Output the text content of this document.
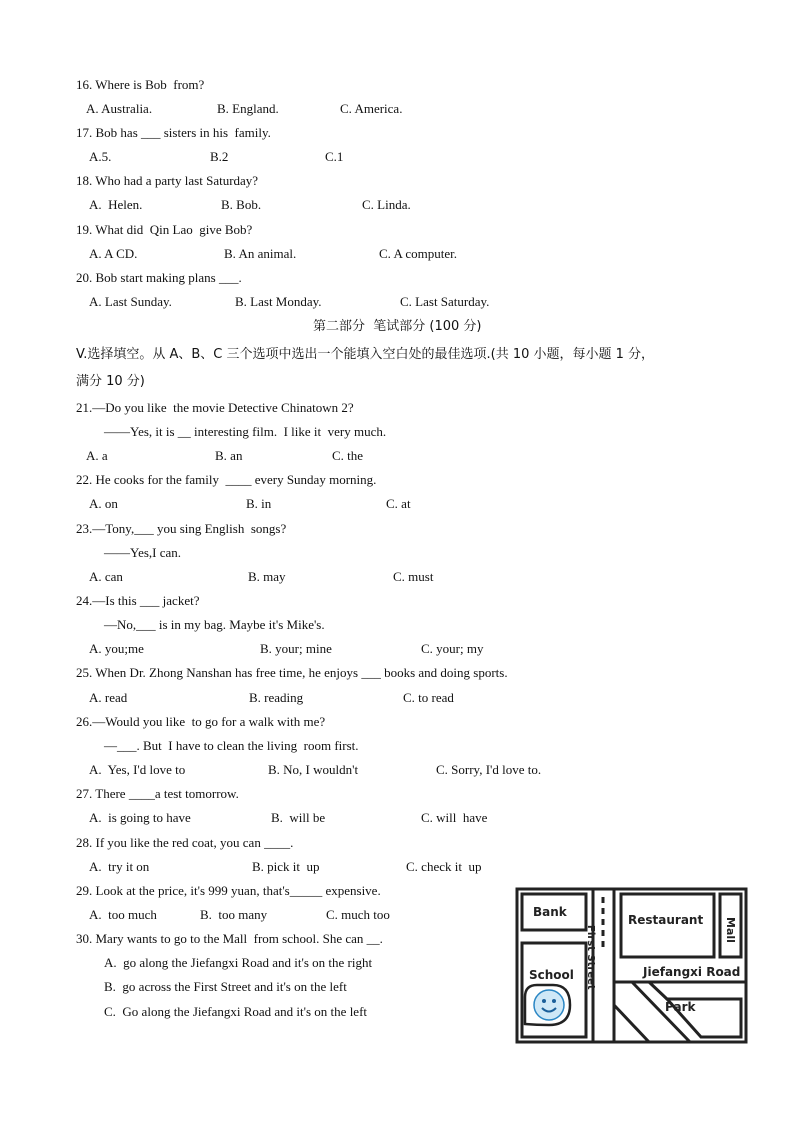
16. Where is Bob  from?
A. Australia.	B. England.	C. America.
17. Bob has ___ sisters in his  family.
A.5.	B.2	C.1
18. Who had a party last Saturday?
A.  Helen.	B. Bob.	C. Linda.
19. What did  Qin Lao  give Bob?
A. A CD.	B. An animal.	C. A computer.
20. Bob start making plans ___.
A. Last Sunday.	B. Last Monday.	C. Last Saturday.
第二部分  笔试部分 (100 分)
V.选择填空。从 A、B、C 三个选项中选出一个能填入空白处的最佳选项.(共 10 小题，每小题 1 分，
满分 10 分)
21.—Do you like  the movie Detective Chinatown 2?
——Yes, it is __ interesting film.  I like it  very much.
A. a	B. an	C. the
22. He cooks for the family  ____ every Sunday morning.
A. on	B. in	C. at
23.—Tony,___ you sing English  songs?
——Yes,I can.
A. can	B. may	C. must
24.—Is this ___ jacket?
—No,___ is in my bag. Maybe it's Mike's.
A. you;me	B. your; mine	C. your; my
25. When Dr. Zhong Nanshan has free time, he enjoys ___ books and doing sports.
A. read	B. reading	C. to read
26.—Would you like  to go for a walk with me?
—___. But  I have to clean the living  room first.
A.  Yes, I'd love to	B. No, I wouldn't	C. Sorry, I'd love to.
27. There ____a test tomorrow.
A.  is going to have	B.  will be	C. will  have
28. If you like the red coat, you can ____.
A.  try it on	B. pick it  up	C. check it  up
29. Look at the price, it's 999 yuan, that's_____ expensive.
A.  too much	B.  too many	C. much too
30. Mary wants to go to the Mall  from school. She can __.
A.  go along the Jiefangxi Road and it's on the right
B.  go across the First Street and it's on the left
C.  Go along the Jiefangxi Road and it's on the left
Bank
Restaurant Mall
First Street
School	Jiefangxi Road
Park
